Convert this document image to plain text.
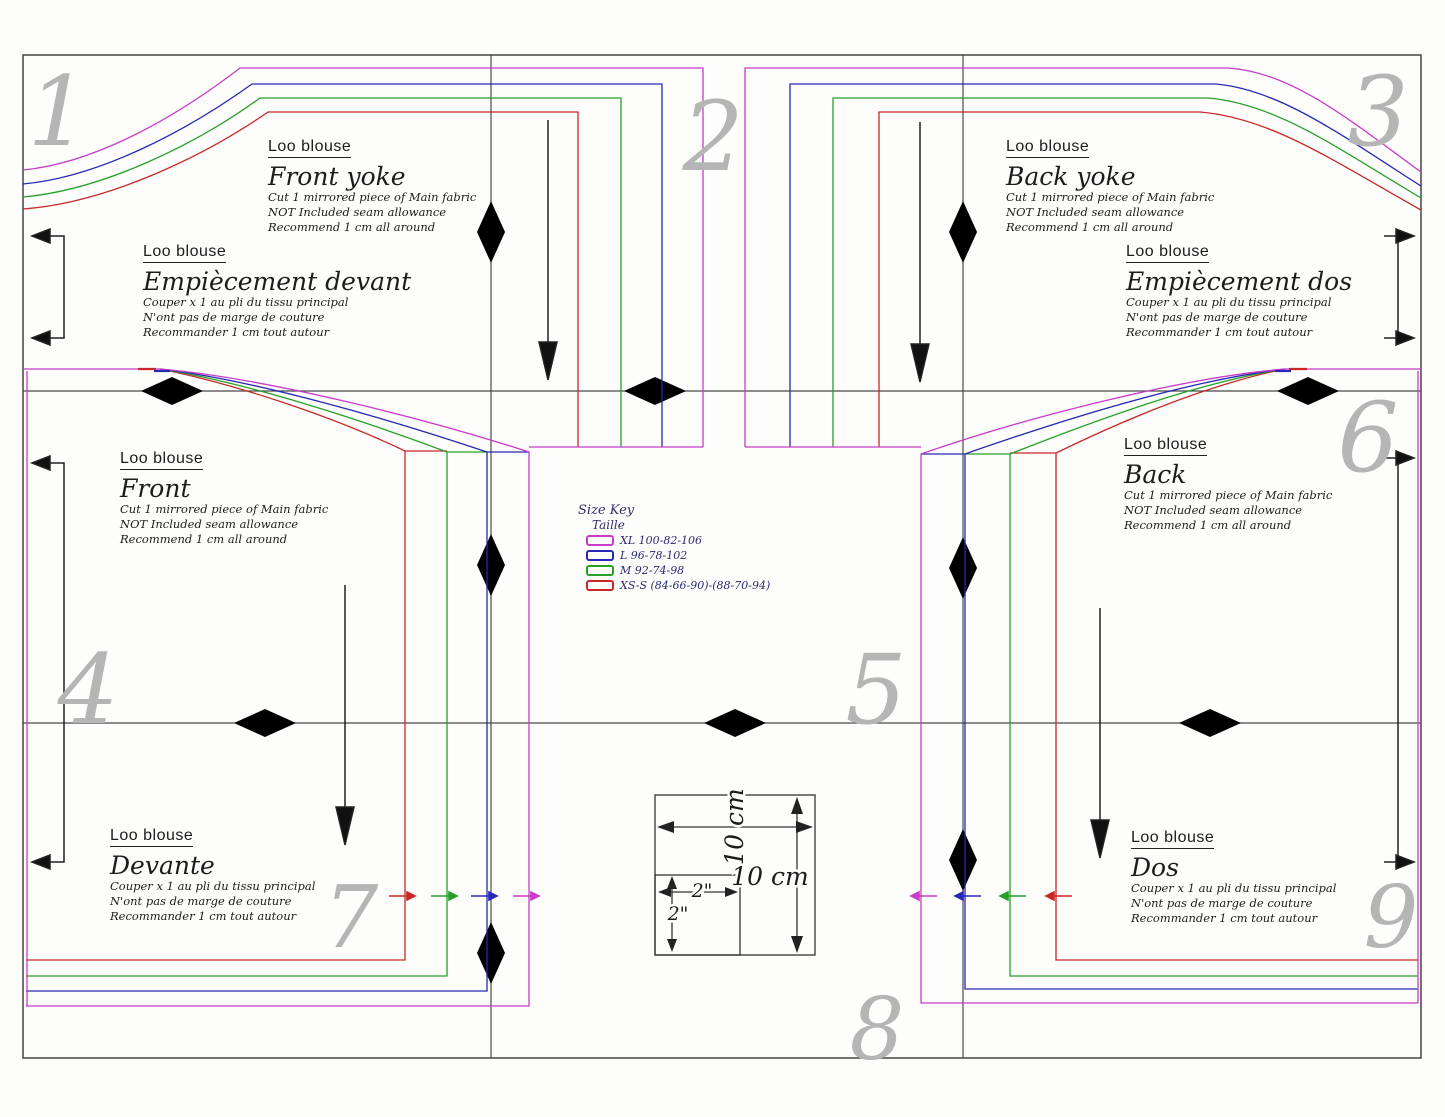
10 cm
10 cm
2"
2"
1	2	3
4	5
6
7
8
9
Loo blouse
Front yoke
Cut 1 mirrored piece of Main fabric
NOT Included seam allowance
Recommend 1 cm all around
Loo blouse
Empiècement devant
Couper x 1 au pli du tissu principal
N'ont pas de marge de couture
Recommander 1 cm tout autour
Loo blouse
Back yoke
Cut 1 mirrored piece of Main fabric
NOT Included seam allowance
Recommend 1 cm all around
Loo blouse
Empiècement dos
Couper x 1 au pli du tissu principal
N'ont pas de marge de couture
Recommander 1 cm tout autour
Loo blouse
Front
Cut 1 mirrored piece of Main fabric
NOT Included seam allowance
Recommend 1 cm all around
Loo blouse
Back
Cut 1 mirrored piece of Main fabric
NOT Included seam allowance
Recommend 1 cm all around
Loo blouse
Devante
Couper x 1 au pli du tissu principal
N'ont pas de marge de couture
Recommander 1 cm tout autour
Loo blouse
Dos
Couper x 1 au pli du tissu principal
N'ont pas de marge de couture
Recommander 1 cm tout autour
Size Key
Taille
XL 100-82-106
L 96-78-102
M 92-74-98
XS-S (84-66-90)-(88-70-94)
